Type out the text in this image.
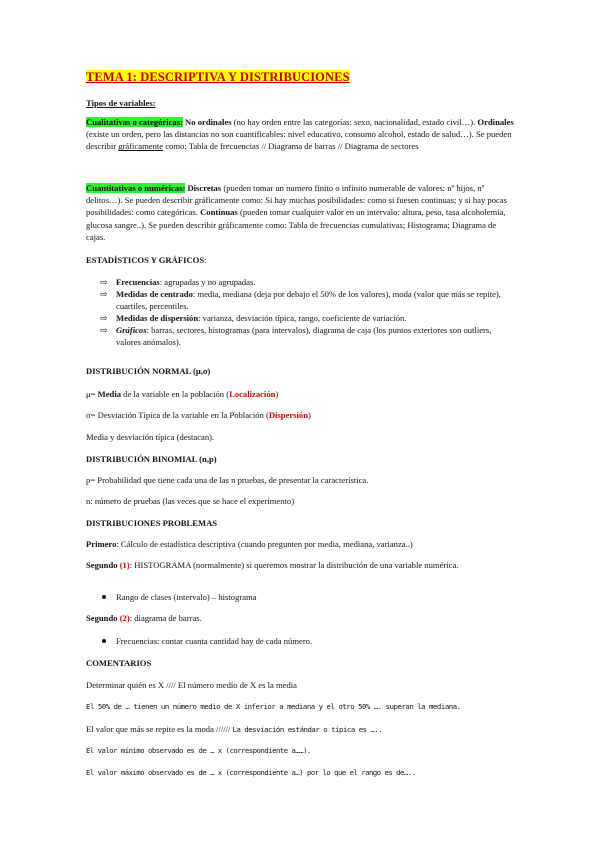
TEMA 1: DESCRIPTIVA Y DISTRIBUCIONES

Tipos de variables:

Cualitativas o categóricas: No ordinales (no hay orden entre las categorías: sexo, nacionalidad, estado civil…). Ordinales (existe un orden, pero las distancias no son cuantificables: nivel educativo, consumo alcohol, estado de salud…). Se pueden describir gráficamente como: Tabla de frecuencias // Diagrama de barras // Diagrama de sectores

Cuantitativas o numéricas: Discretas (pueden tomar un numero finito o infinito numerable de valores: nº hijos, nº delitos…). Se pueden describir gráficamente como: Si hay muchas posibilidades: como si fuesen continuas; y si hay pocas posibilidades: como categóricas. Continuas (pueden tomar cualquier valor en un intervalo: altura, peso, tasa alcoholemia, glucosa sangre..). Se pueden describir gráficamente como: Tabla de frecuencias cumulativas; Histograma; Diagrama de cajas.

ESTADÍSTICOS Y GRÁFICOS:

⇨ Frecuencias: agrupadas y no agrupadas.
⇨ Medidas de centrado: media, mediana (deja por debajo el 50% de los valores), moda (valor que más se repite), cuartiles, percentiles.
⇨ Medidas de dispersión: varianza, desviación típica, rango, coeficiente de variación.
⇨ Gráficos: barras, sectores, histogramas (para intervalos), diagrama de caja (los puntos exteriores son outliers, valores anómalos).

DISTRIBUCIÓN NORMAL (μ,σ)

μ= Media de la variable en la población (Localización)

σ= Desviación Típica de la variable en la Población (Dispersión)

Media y desviación típica (destacan).

DISTRIBUCIÓN BINOMIAL (n,p)

p= Probabilidad que tiene cada una de las n pruebas, de presentar la característica.

n: número de pruebas (las veces que se hace el experimento)

DISTRIBUCIONES PROBLEMAS

Primero: Cálculo de estadística descriptiva (cuando pregunten por media, mediana, varianza..)

Segundo (1): HISTOGRAMA (normalmente) si queremos mostrar la distribución de una variable numérica.

Rango de clases (intervalo) – histograma

Segundo (2): diagrama de barras.

Frecuencias: contar cuanta cantidad hay de cada número.

COMENTARIOS

Determinar quién es X //// El número medio de X es la media

El 50% de … tienen un número medio de X inferior a mediana y el otro 50% …. superan la mediana.

El valor que más se repite es la moda ////// La desviación estándar o típica es …..

El valor mínimo observado es de … x (correspondiente a……).

El valor máximo observado es de … x (correspondiente a…) por lo que el rango es de…..
